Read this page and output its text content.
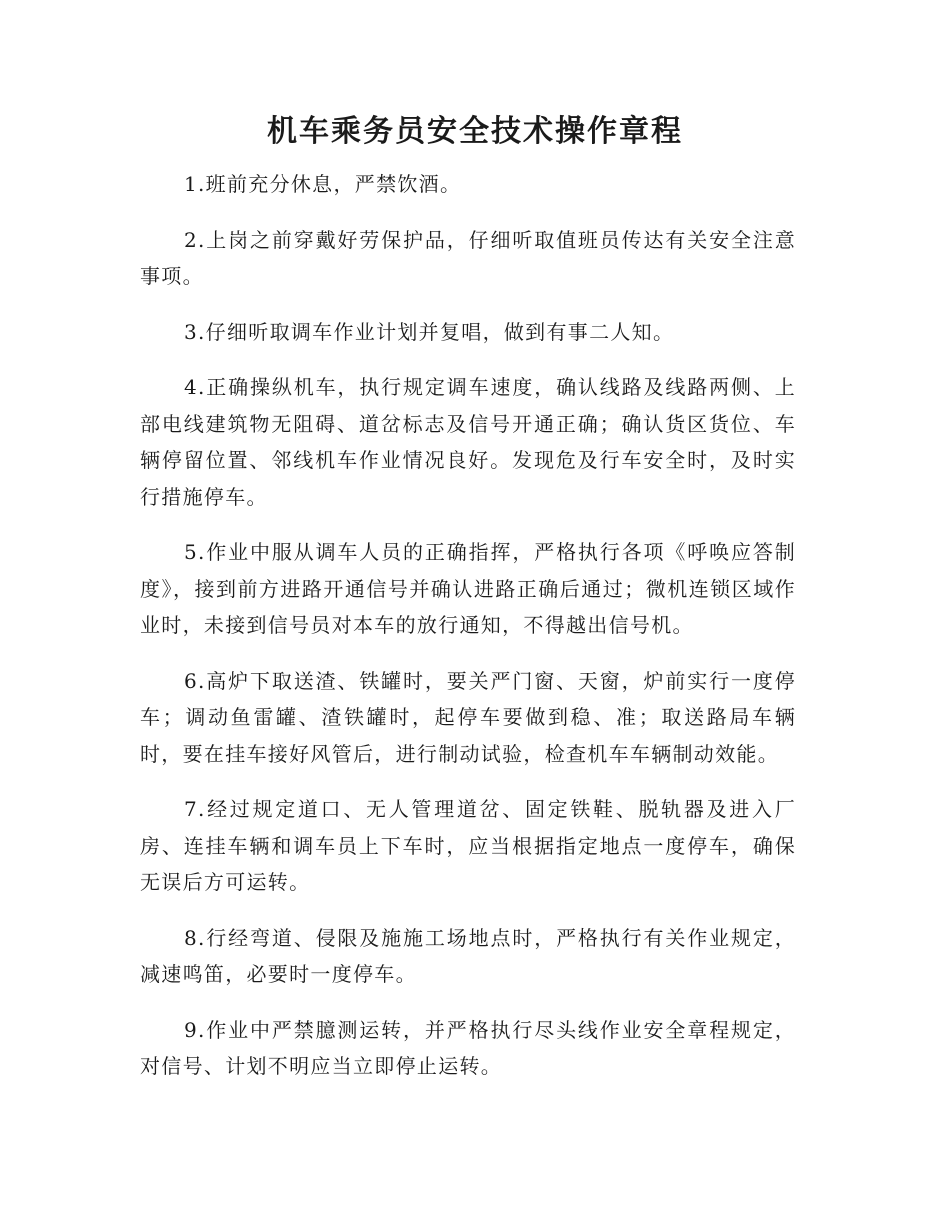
机车乘务员安全技术操作章程

1.班前充分休息，严禁饮酒。

2.上岗之前穿戴好劳保护品，仔细听取值班员传达有关安全注意事项。

3.仔细听取调车作业计划并复唱，做到有事二人知。

4.正确操纵机车，执行规定调车速度，确认线路及线路两侧、上部电线建筑物无阻碍、道岔标志及信号开通正确；确认货区货位、车辆停留位置、邻线机车作业情况良好。发现危及行车安全时，及时实行措施停车。

5.作业中服从调车人员的正确指挥，严格执行各项《呼唤应答制度》，接到前方进路开通信号并确认进路正确后通过；微机连锁区域作业时，未接到信号员对本车的放行通知，不得越出信号机。

6.高炉下取送渣、铁罐时，要关严门窗、天窗，炉前实行一度停车；调动鱼雷罐、渣铁罐时，起停车要做到稳、准；取送路局车辆时，要在挂车接好风管后，进行制动试验，检查机车车辆制动效能。

7.经过规定道口、无人管理道岔、固定铁鞋、脱轨器及进入厂房、连挂车辆和调车员上下车时，应当根据指定地点一度停车，确保无误后方可运转。

8.行经弯道、侵限及施施工场地点时，严格执行有关作业规定，减速鸣笛，必要时一度停车。

9.作业中严禁臆测运转，并严格执行尽头线作业安全章程规定，对信号、计划不明应当立即停止运转。
